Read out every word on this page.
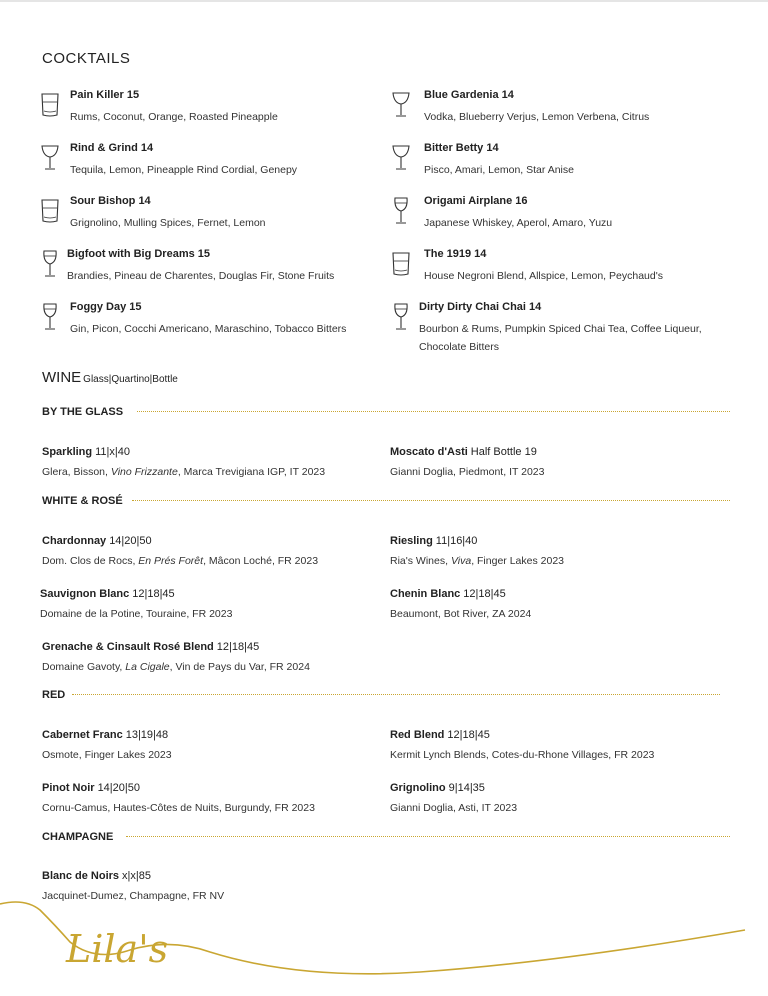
COCKTAILS
Pain Killer 15
Rums, Coconut, Orange, Roasted Pineapple
Rind & Grind 14
Tequila, Lemon, Pineapple Rind Cordial, Genepy
Sour Bishop 14
Grignolino, Mulling Spices, Fernet, Lemon
Bigfoot with Big Dreams 15
Brandies, Pineau de Charentes, Douglas Fir, Stone Fruits
Foggy Day 15
Gin, Picon, Cocchi Americano, Maraschino, Tobacco Bitters
Blue Gardenia 14
Vodka, Blueberry Verjus, Lemon Verbena, Citrus
Bitter Betty 14
Pisco, Amari, Lemon, Star Anise
Origami Airplane 16
Japanese Whiskey, Aperol, Amaro, Yuzu
The 1919 14
House Negroni Blend, Allspice, Lemon, Peychaud's
Dirty Dirty Chai Chai 14
Bourbon & Rums, Pumpkin Spiced Chai Tea, Coffee Liqueur, Chocolate Bitters
WINE Glass|Quartino|Bottle
BY THE GLASS
Sparkling 11|x|40
Glera, Bisson, Vino Frizzante, Marca Trevigiana IGP, IT 2023
Moscato d'Asti Half Bottle 19
Gianni Doglia, Piedmont, IT 2023
WHITE & ROSÉ
Chardonnay 14|20|50
Dom. Clos de Rocs, En Prés Forêt, Mâcon Loché, FR 2023
Riesling 11|16|40
Ria's Wines, Viva, Finger Lakes 2023
Sauvignon Blanc 12|18|45
Domaine de la Potine, Touraine, FR 2023
Chenin Blanc 12|18|45
Beaumont, Bot River, ZA 2024
Grenache & Cinsault Rosé Blend 12|18|45
Domaine Gavoty, La Cigale, Vin de Pays du Var, FR 2024
RED
Cabernet Franc 13|19|48
Osmote, Finger Lakes 2023
Red Blend 12|18|45
Kermit Lynch Blends, Cotes-du-Rhone Villages, FR 2023
Pinot Noir 14|20|50
Cornu-Camus, Hautes-Côtes de Nuits, Burgundy, FR 2023
Grignolino 9|14|35
Gianni Doglia, Asti, IT 2023
CHAMPAGNE
Blanc de Noirs x|x|85
Jacquinet-Dumez, Champagne, FR NV
Lila's
